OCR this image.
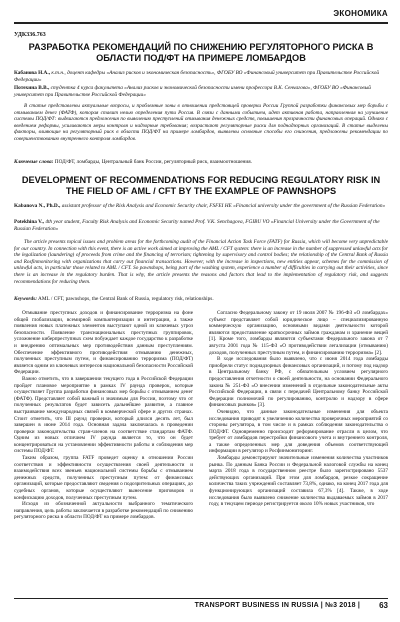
ЭКОНОМИКА
УДК336.763
РАЗРАБОТКА РЕКОМЕНДАЦИЙ ПО СНИЖЕНИЮ РЕГУЛЯТОРНОГО РИСКА В ОБЛАСТИ ПОД/ФТ НА ПРИМЕРЕ ЛОМБАРДОВ
Кабанова Н.А., к.т.н., доцент кафедры «Анализ рисков и экономическая безопасность», ФГОБУ ВО «Финансовый университет при Правительстве Российской Федерации»
Потехина В.В., студентка 4 курса факультета «Анализ рисков и экономической безопасности имени профессора В.К. Сенчагова», ФГОБУ ВО «Финансовый университет при Правительстве Российской Федерации»
В статье представлены актуальные вопросы, и проблемные зоны в отношении предстоящей проверки России Группой разработки финансовых мер борьбы с отмыванием денег (ФАТФ), которая ставит нелью определения пути Россия. В связи с данными событием, идет активная работа, направленная на улучшение системы ПОД/ФТ: выдвигаются предложения по выявлению преступлений отмывания денежных средств, повышения прозрачности финансовых операций. Однако с введением реформы, усиливаются меры контроля и надзорные требования; возрастают регуляторные риски для поднадзорных организаций. В статье выделены факторы, влияющие на регуляторный риск в области ПОД/ФТ на примере ломбардов, выявлены основные способы его снижения, предложены рекомендации по совершенствованию внутреннего контроля ломбардов.
Ключевые слова: ПОД/ФТ, ломбарды, Центральный банк России, регуляторный риск, взаимоотношения.
DEVELOPMENT OF RECOMMENDATIONS FOR REDUCING REGULATORY RISK IN THE FIELD OF AML / CFT BY THE EXAMPLE OF PAWNSHOPS
Kabanova N., Ph.D., assistant professor of the Risk Analysis and Economic Security chair, FSFEI HE «Financial university under the government of the Russian Federation»
Potekhina V., 4th year student, Faculty Risk Analysis and Economic Security named Prof. V.K. Senchagova, FGIBU VO «Financial University under the Government of the Russian Federation»
The article presents topical issues and problem areas for the forthcoming audit of the Financial Action Task Force (FATF) for Russia, which will become very unpredictable for our country. In connection with this event, there is an active work aimed at improving the AML / CFT system: there is an increase in the number of suppressed unlawful acts for the legalization (laundering) of proceeds from crime and the financing of terrorism; tightening by supervisory and control bodies; the relationship of the Central Bank of Russia and Rosfinmonitoring with organizations that carry out financial transactions. However, with the increase in inspections, new entities appear, schemes for the commission of unlawful acts, in particular those related to AML / CFT. So pawnshops, being part of the washing system, experience a number of difficulties in carrying out their activities, since there is an increase in the regulatory burden. That is why, the article presents the reasons and factors that lead to the implementation of regulatory risk, and suggests recommendations for reducing them.
Keywords: AML / CFT, pawnshops, the Central Bank of Russia, regulatory risk, relationships.

Отмывание преступных доходов и финансирование терроризма на фоне общей глобализации, всемирной компьютеризации и интеграции, а также появления новых платежных элементов выступают одной из ключевых угроз безопасности. Появление транснациональных преступных группировок, усложнение киберпреступных схем побуждает каждое государство к разработке и внедрению оптимальных мер противодействия данным преступлениям. Обеспечение эффективного противодействия отмыванию денежных, полученных преступным путем, и финансированию терроризма (ПОД/ФТ) является одним из ключевых интересов национальной безопасности Российской Федерации.

Важно отметить, что в завершении текущего года в Российской Федерации пройдет плановое мероприятие в рамках IV раунда проверок, которые осуществляет Группа разработки финансовых мер борьбы с отмыванием денег (ФАТФ). Представляет собой важный и значимым для России, поэтому что от полученных результатов будет зависеть дальнейшее развитие, а главное выстраивание международных связей в коммерческой сфере и других странах. Стоит отметить, что III раунд проверки, который длился десять лет, был завершен в июне 2014 года. Основная задача заключалась в проведении проверки законодательства стран-членов на соответствие стандартам ФАТФ. Одним из новых отличием IV раунда является то, что он будет концентрироваться на установлении эффективности работы и соблюдения мер системы ПОД/ФТ.

Таким образом, группа FATF проведет оценку в отношении России соответствия и эффективности осуществления своей деятельности и взаимодействия всех звеньев национальной системы борьбы с отмыванием денежных средств, полученных преступным путем: от финансовых организаций, которые предоставляют сведения о подозрительных операциях, до судебных органов, которые осуществляют вынесение приговоров и конфискацию доходов, полученных преступным путем.

Исходя из обозначенной актуальности выбранного тематического направления, цель работы заключается в разработке рекомендаций по снижению регуляторного риска в области ПОД/ФТ на примере ломбардов.

Согласно Федеральному закону от 19 июля 2007 № 196-ФЗ «О ломбардах» субъект представляет собой юридическое лицо – специализированную коммерческую организацию, основными видами деятельности которой являются предоставление краткосрочных займов гражданам и хранение вещей [1]. Кроме того, ломбарды являются субъектами Федерального закона от 7 августа 2001 года № 115-ФЗ «О противодействии легализации (отмыванию) доходов, полученных преступным путем, и финансированию терроризма» [2].

В ходе исследования было выявлено, что с июня 2014 года ломбарды приобрели статус поднадзорных финансовых организаций, и потому под надзор в Центральному банку РФ, с обязательным условием регулярного предоставления отчетности о своей деятельности, на основании Федерального закона № 251-ФЗ «О внесении изменений в отдельные законодательные акты Российской Федерации, в связи с передачей Центральному банку Российской Федерации полномочий по регулированию, контролю и надзору в сфере финансовых рынков» [3].

Очевидно, что данные законодательные изменения для объекта исследования приводят к увеличению количества проверочных мероприятий со стороны регулятора, в том числе и в рамках соблюдения законодательства о ПОД/ФТ. Одновременно происходит реформирование отрасли в целом, что требует от ломбардов перестройки финансового учета и внутреннего контроля, а также определенных мер для доведения объемов соответствующей информации в регулятор и Росфинмониторинг.

Ломбарды демонстрируют значительные изменения количества участников рынка. По данным Банка России и Федеральной налоговой службы на конец марта 2018 года в государственном реестре было зарегистрировано 5537 действующих организаций. При этом для ломбардов, резкое сокращение количества таких учреждений составляет 73,8%, однако, на конец 2017 года для функционирующих организаций составила 67,3% [4]. Также, в ходе исследования было выявлено снижение количества выдаваемых займов в 2017 году, в текущем периоде регистрируется около 10% новых участников, что

TRANSPORT BUSINESS IN RUSSIA | №3 2018 | 63
